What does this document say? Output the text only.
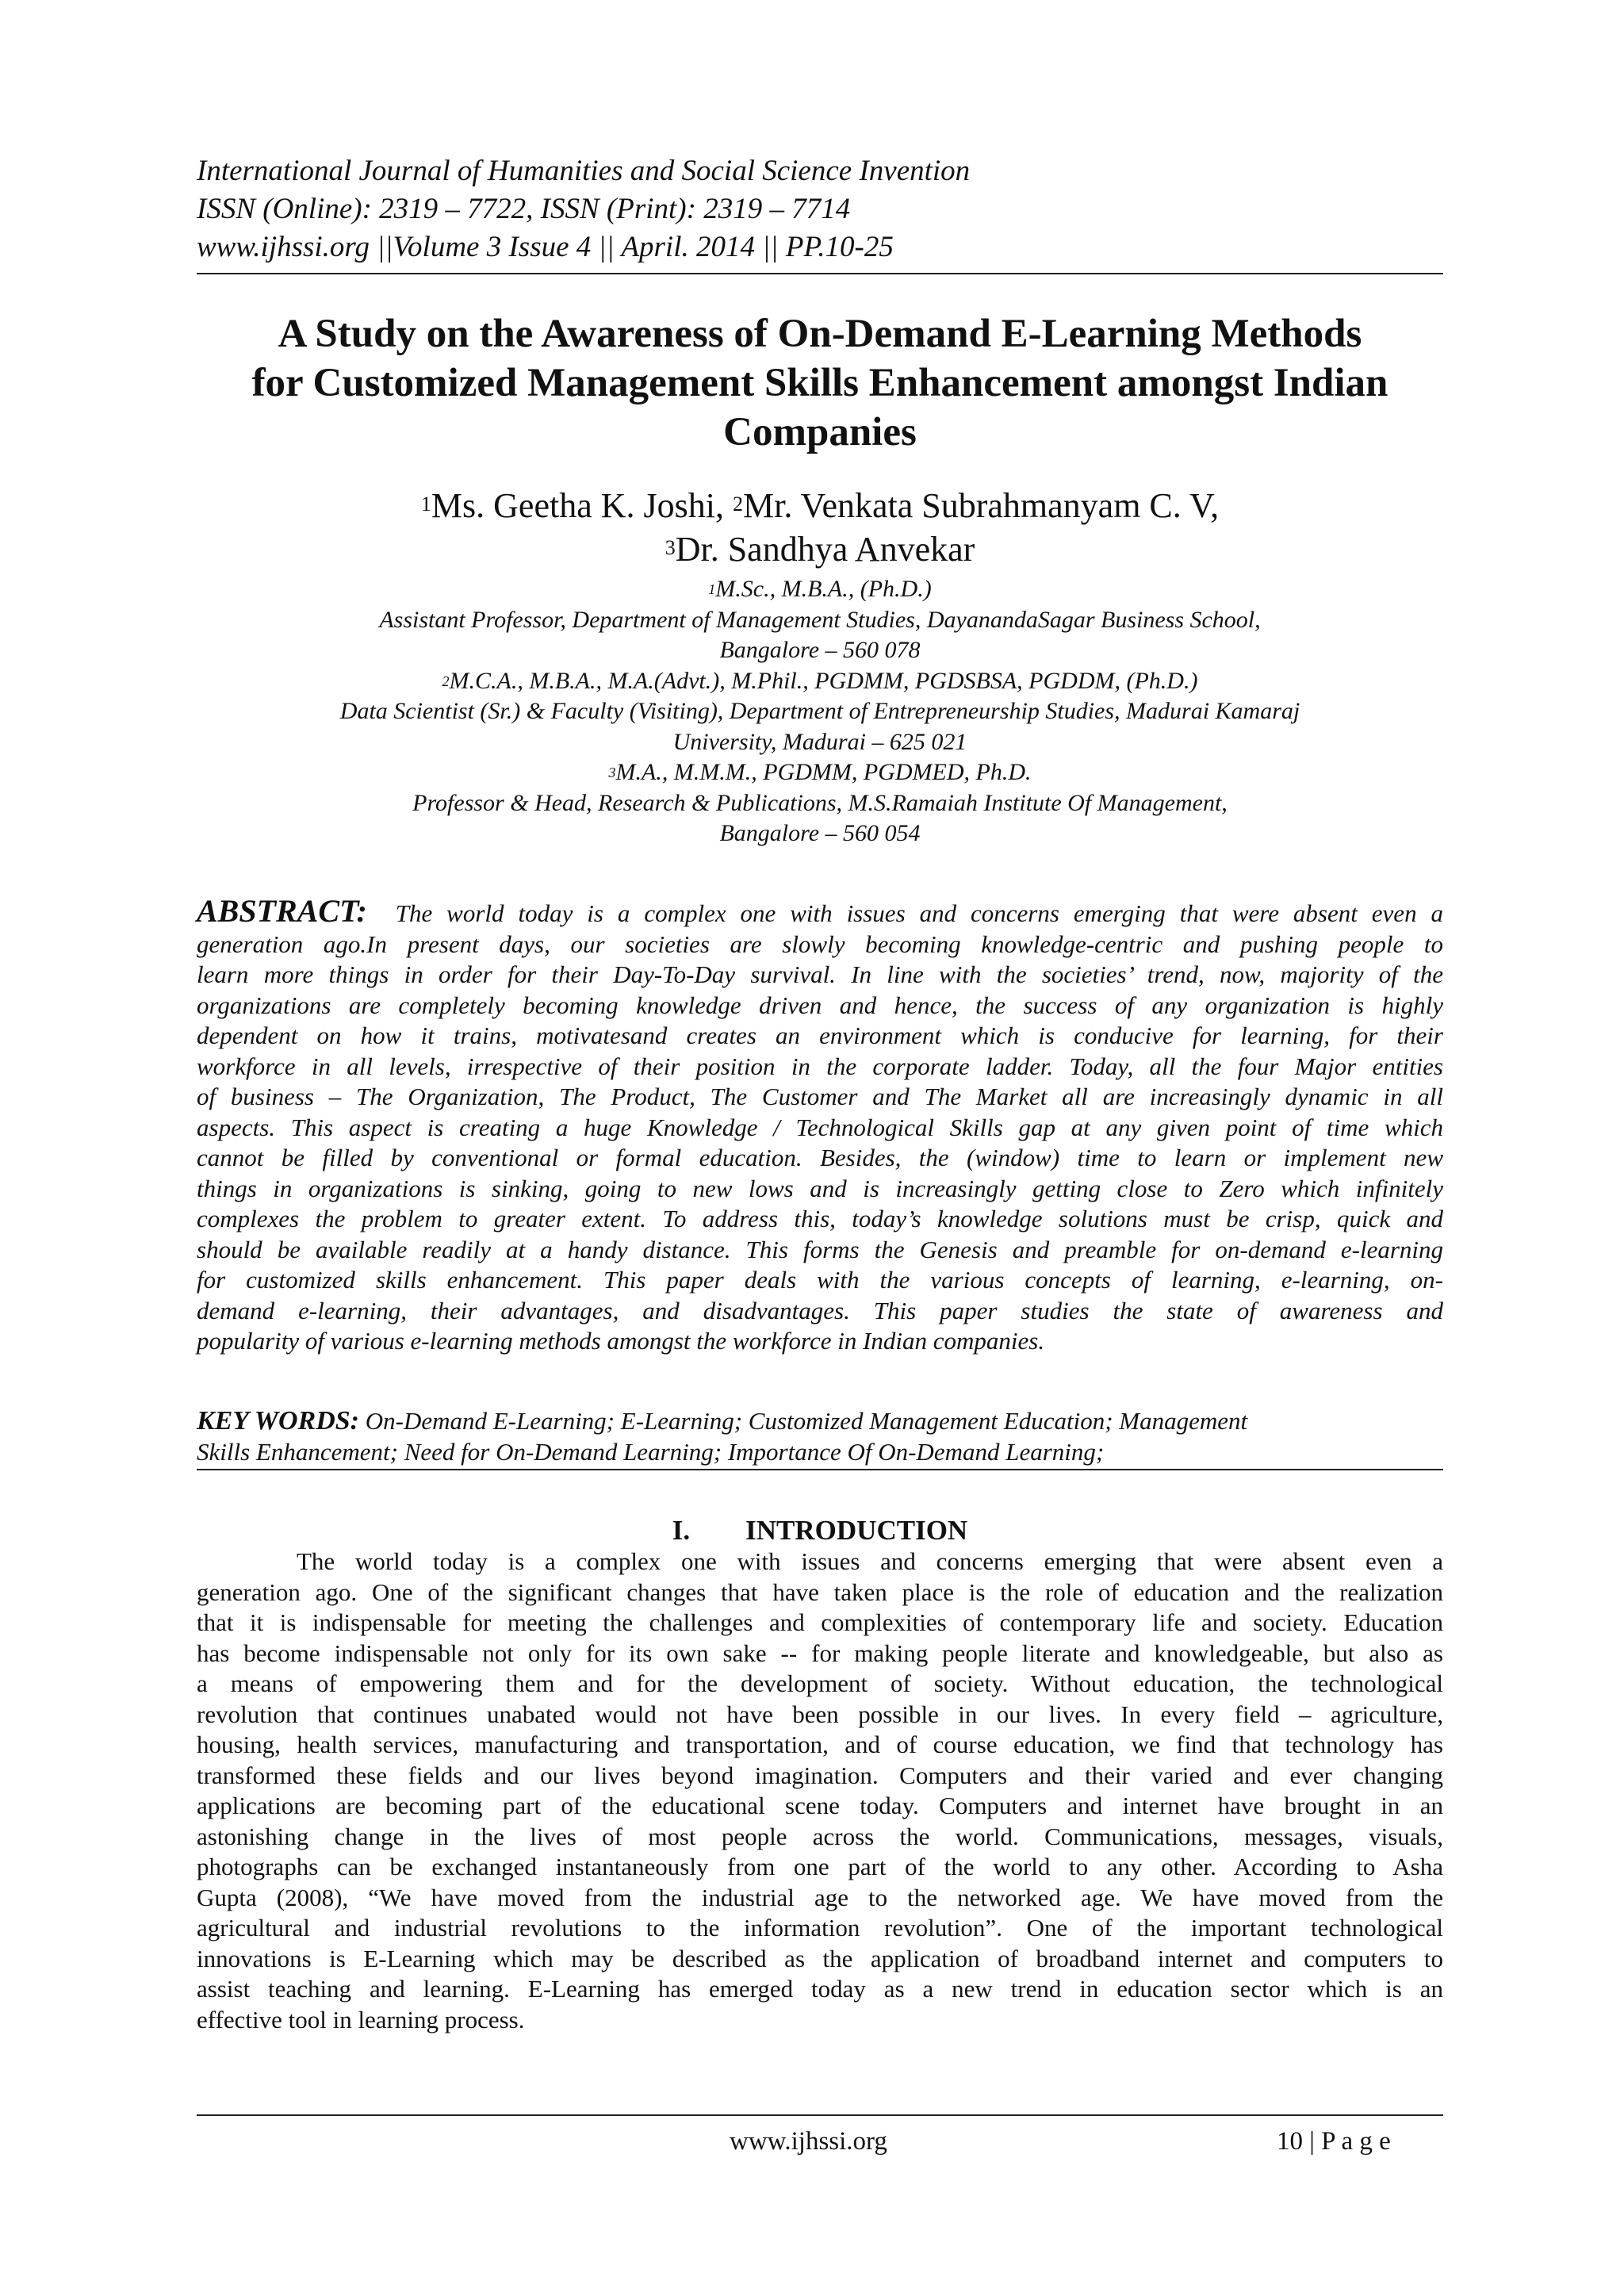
International Journal of Humanities and Social Science Invention
ISSN (Online): 2319 – 7722, ISSN (Print): 2319 – 7714
www.ijhssi.org ||Volume 3 Issue 4 || April. 2014 || PP.10-25
A Study on the Awareness of On-Demand E-Learning Methods
for Customized Management Skills Enhancement amongst Indian
Companies
$^1$Ms. Geetha K. Joshi, $^2$Mr. Venkata Subrahmanyam C. V,
$^3$Dr. Sandhya Anvekar
$^1$M.Sc., M.B.A., (Ph.D.)
Assistant Professor, Department of Management Studies, DayanandaSagar Business School,
Bangalore – 560 078
$^2$M.C.A., M.B.A., M.A.(Advt.), M.Phil., PGDMM, PGDSBSA, PGDDM, (Ph.D.)
Data Scientist (Sr.) & Faculty (Visiting), Department of Entrepreneurship Studies, Madurai Kamaraj
University, Madurai – 625 021
$^3$M.A., M.M.M., PGDMM, PGDMED, Ph.D.
Professor & Head, Research & Publications, M.S.Ramaiah Institute Of Management,
Bangalore – 560 054
ABSTRACT: The world today is a complex one with issues and concerns emerging that were absent even a
generation ago.In present days, our societies are slowly becoming knowledge-centric and pushing people to
learn more things in order for their Day-To-Day survival. In line with the societies’ trend, now, majority of the
organizations are completely becoming knowledge driven and hence, the success of any organization is highly
dependent on how it trains, motivatesand creates an environment which is conducive for learning, for their
workforce in all levels, irrespective of their position in the corporate ladder. Today, all the four Major entities
of business – The Organization, The Product, The Customer and The Market all are increasingly dynamic in all
aspects. This aspect is creating a huge Knowledge / Technological Skills gap at any given point of time which
cannot be filled by conventional or formal education. Besides, the (window) time to learn or implement new
things in organizations is sinking, going to new lows and is increasingly getting close to Zero which infinitely
complexes the problem to greater extent. To address this, today’s knowledge solutions must be crisp, quick and
should be available readily at a handy distance. This forms the Genesis and preamble for on-demand e-learning
for customized skills enhancement. This paper deals with the various concepts of learning, e-learning, on-
demand e-learning, their advantages, and disadvantages. This paper studies the state of awareness and
popularity of various e-learning methods amongst the workforce in Indian companies.
KEY WORDS: On-Demand E-Learning; E-Learning; Customized Management Education; Management
Skills Enhancement; Need for On-Demand Learning; Importance Of On-Demand Learning;
I. INTRODUCTION
The world today is a complex one with issues and concerns emerging that were absent even a
generation ago. One of the significant changes that have taken place is the role of education and the realization
that it is indispensable for meeting the challenges and complexities of contemporary life and society. Education
has become indispensable not only for its own sake -- for making people literate and knowledgeable, but also as
a means of empowering them and for the development of society. Without education, the technological
revolution that continues unabated would not have been possible in our lives. In every field – agriculture,
housing, health services, manufacturing and transportation, and of course education, we find that technology has
transformed these fields and our lives beyond imagination. Computers and their varied and ever changing
applications are becoming part of the educational scene today. Computers and internet have brought in an
astonishing change in the lives of most people across the world. Communications, messages, visuals,
photographs can be exchanged instantaneously from one part of the world to any other. According to Asha
Gupta (2008), “We have moved from the industrial age to the networked age. We have moved from the
agricultural and industrial revolutions to the information revolution”. One of the important technological
innovations is E-Learning which may be described as the application of broadband internet and computers to
assist teaching and learning. E-Learning has emerged today as a new trend in education sector which is an
effective tool in learning process.
www.ijhssi.org	10 | P a g e
